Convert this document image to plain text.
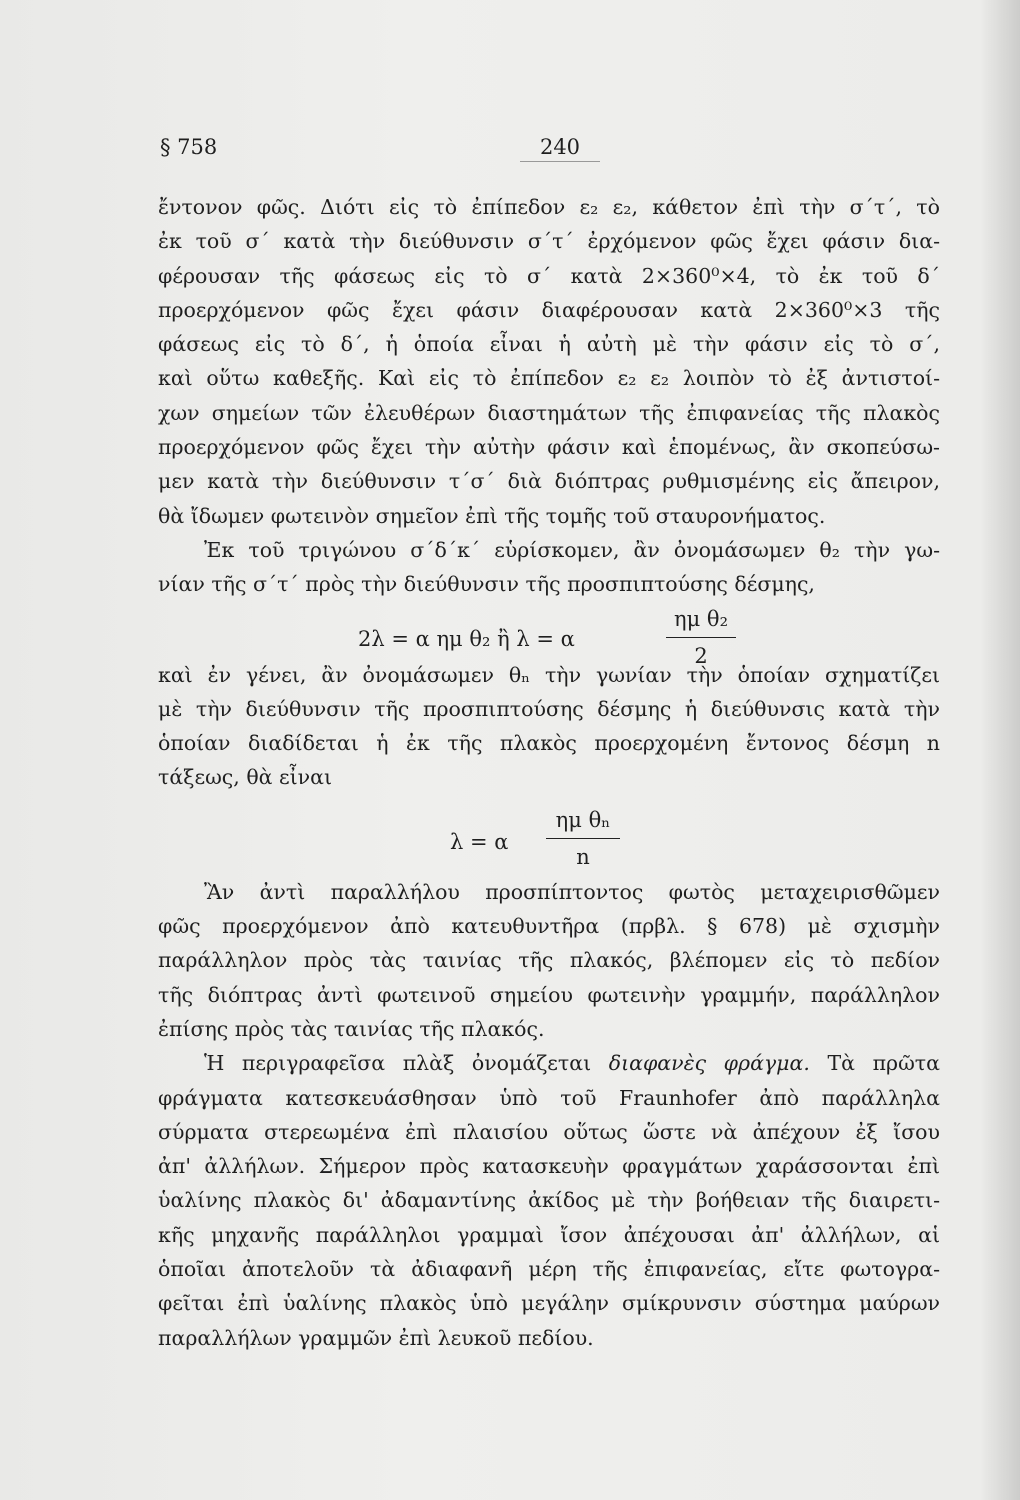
§ 758	240
ἔντονον φῶς. Διότι εἰς τὸ ἐπίπεδον ε₂ ε₂, κάθετον ἐπὶ τὴν σ΄τ΄, τὸ
ἐκ τοῦ σ΄ κατὰ τὴν διεύθυνσιν σ΄τ΄ ἐρχόμενον φῶς ἔχει φάσιν δια-
φέρουσαν τῆς φάσεως εἰς τὸ σ΄ κατὰ 2×360⁰×4, τὸ ἐκ τοῦ δ΄
προερχόμενον φῶς ἔχει φάσιν διαφέρουσαν κατὰ 2×360⁰×3 τῆς
φάσεως εἰς τὸ δ΄, ἡ ὁποία εἶναι ἡ αὐτὴ μὲ τὴν φάσιν εἰς τὸ σ΄,
καὶ οὕτω καθεξῆς. Καὶ εἰς τὸ ἐπίπεδον ε₂ ε₂ λοιπὸν τὸ ἐξ ἀντιστοί-
χων σημείων τῶν ἐλευθέρων διαστημάτων τῆς ἐπιφανείας τῆς πλακὸς
προερχόμενον φῶς ἔχει τὴν αὐτὴν φάσιν καὶ ἑπομένως, ἂν σκοπεύσω-
μεν κατὰ τὴν διεύθυνσιν τ΄σ΄ διὰ διόπτρας ρυθμισμένης εἰς ἄπειρον,
θὰ ἴδωμεν φωτεινὸν σημεῖον ἐπὶ τῆς τομῆς τοῦ σταυρονήματος.
Ἐκ τοῦ τριγώνου σ΄δ΄κ΄ εὑρίσκομεν, ἂν ὀνομάσωμεν θ₂ τὴν γω-
νίαν τῆς σ΄τ΄ πρὸς τὴν διεύθυνσιν τῆς προσπιπτούσης δέσμης,
2λ = α ημ θ₂ ἢ λ = α
ημ θ₂
2
καὶ ἐν γένει, ἂν ὀνομάσωμεν θₙ τὴν γωνίαν τὴν ὁποίαν σχηματίζει
μὲ τὴν διεύθυνσιν τῆς προσπιπτούσης δέσμης ἡ διεύθυνσις κατὰ τὴν
ὁποίαν διαδίδεται ἡ ἐκ τῆς πλακὸς προερχομένη ἔντονος δέσμη n
τάξεως, θὰ εἶναι
λ = α
ημ θₙ
n
Ἂν ἀντὶ παραλλήλου προσπίπτοντος φωτὸς μεταχειρισθῶμεν
φῶς προερχόμενον ἀπὸ κατευθυντῆρα (πρβλ. § 678) μὲ σχισμὴν
παράλληλον πρὸς τὰς ταινίας τῆς πλακός, βλέπομεν εἰς τὸ πεδίον
τῆς διόπτρας ἀντὶ φωτεινοῦ σημείου φωτεινὴν γραμμήν, παράλληλον
ἐπίσης πρὸς τὰς ταινίας τῆς πλακός.
Ἡ περιγραφεῖσα πλὰξ ὀνομάζεται διαφανὲς φράγμα. Τὰ πρῶτα
φράγματα κατεσκευάσθησαν ὑπὸ τοῦ Fraunhofer ἀπὸ παράλληλα
σύρματα στερεωμένα ἐπὶ πλαισίου οὕτως ὥστε νὰ ἀπέχουν ἐξ ἴσου
ἀπ' ἀλλήλων. Σήμερον πρὸς κατασκευὴν φραγμάτων χαράσσονται ἐπὶ
ὑαλίνης πλακὸς δι' ἀδαμαντίνης ἀκίδος μὲ τὴν βοήθειαν τῆς διαιρετι-
κῆς μηχανῆς παράλληλοι γραμμαὶ ἴσον ἀπέχουσαι ἀπ' ἀλλήλων, αἱ
ὁποῖαι ἀποτελοῦν τὰ ἀδιαφανῆ μέρη τῆς ἐπιφανείας, εἴτε φωτογρα-
φεῖται ἐπὶ ὑαλίνης πλακὸς ὑπὸ μεγάλην σμίκρυνσιν σύστημα μαύρων
παραλλήλων γραμμῶν ἐπὶ λευκοῦ πεδίου.
